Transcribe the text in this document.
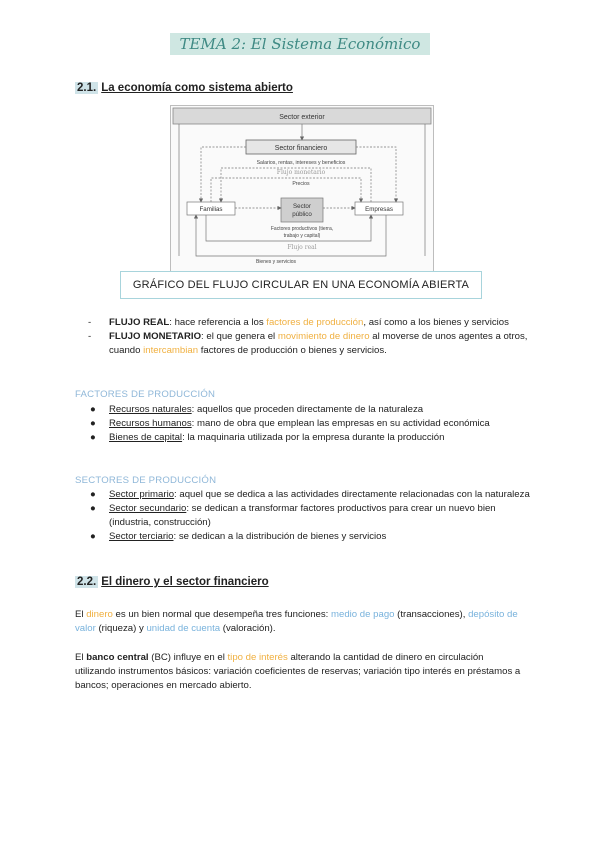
TEMA 2: El Sistema Económico
2.1. La economía como sistema abierto
Sector exterior
Sector financiero
Salarios, rentas, intereses y beneficios
Flujo monetario
Precios
Familias	Sector
público
Empresas
Factores productivos (tierra,
trabajo y capital)
Flujo real
Bienes y servicios
GRÁFICO DEL FLUJO CIRCULAR EN UNA ECONOMÍA ABIERTA
- FLUJO REAL: hace referencia a los factores de producción, así como a los bienes y servicios
- FLUJO MONETARIO: el que genera el movimiento de dinero al moverse de unos agentes a otros, cuando intercambian factores de producción o bienes y servicios.
FACTORES DE PRODUCCIÓN
● Recursos naturales: aquellos que proceden directamente de la naturaleza
● Recursos humanos: mano de obra que emplean las empresas en su actividad económica
● Bienes de capital: la maquinaria utilizada por la empresa durante la producción
SECTORES DE PRODUCCIÓN
● Sector primario: aquel que se dedica a las actividades directamente relacionadas con la naturaleza
● Sector secundario: se dedican a transformar factores productivos para crear un nuevo bien (industria, construcción)
● Sector terciario: se dedican a la distribución de bienes y servicios
2.2. El dinero y el sector financiero
El dinero es un bien normal que desempeña tres funciones: medio de pago (transacciones), depósito de valor (riqueza) y unidad de cuenta (valoración).
El banco central (BC) influye en el tipo de interés alterando la cantidad de dinero en circulación utilizando instrumentos básicos: variación coeficientes de reservas; variación tipo interés en préstamos a bancos; operaciones en mercado abierto.
